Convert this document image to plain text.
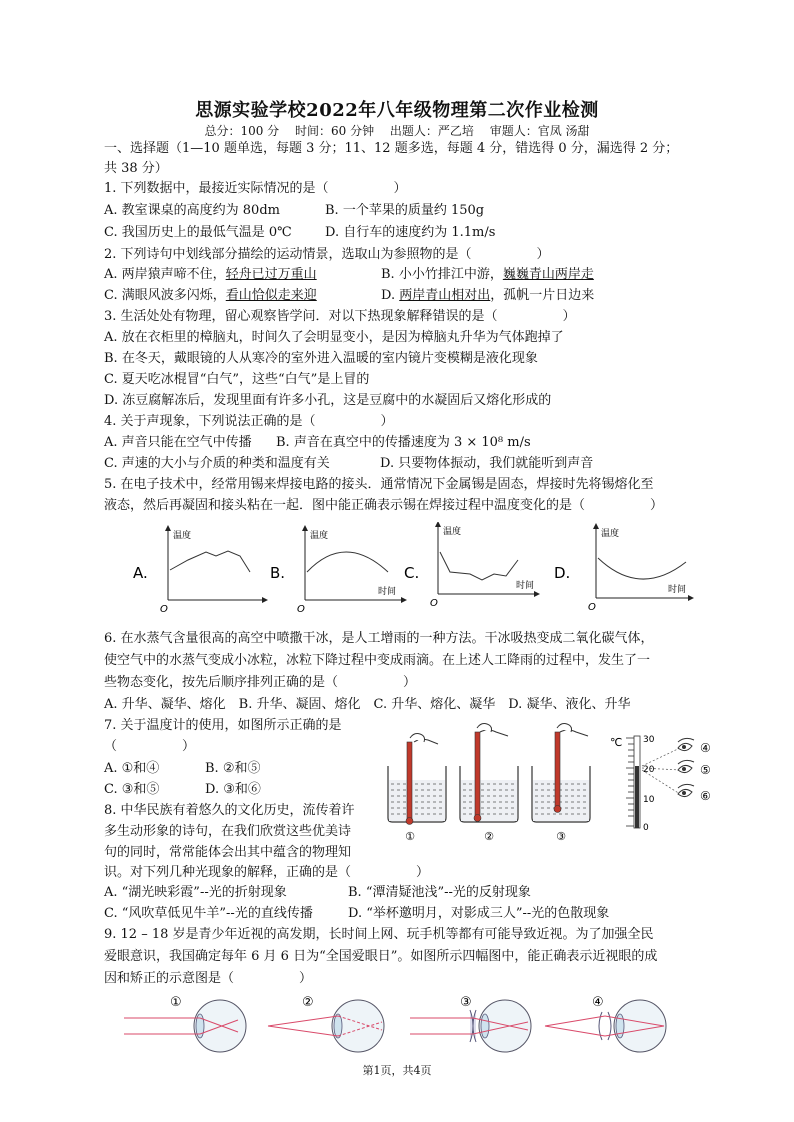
思源实验学校2022年八年级物理第二次作业检测
总分：100 分　 时间：60 分钟　 出题人：严乙培　 审题人：官凤 汤甜
一、选择题（1—10 题单选，每题 3 分；11、12 题多选，每题 4 分，错选得 0 分，漏选得 2 分；
共 38 分）
1. 下列数据中，最接近实际情况的是（　　　　　）
A. 教室课桌的高度约为 80dm	B. 一个苹果的质量约 150g
C. 我国历史上的最低气温是 0℃	D. 自行车的速度约为 1.1m/s
2. 下列诗句中划线部分描绘的运动情景，选取山为参照物的是（　　　　　）
A. 两岸猿声啼不住，轻舟已过万重山	B. 小小竹排江中游，巍巍青山两岸走
C. 满眼风波多闪烁，看山恰似走来迎	D. 两岸青山相对出，孤帆一片日边来
3. 生活处处有物理，留心观察皆学问．对以下热现象解释错误的是（　　　　　）
A. 放在衣柜里的樟脑丸，时间久了会明显变小，是因为樟脑丸升华为气体跑掉了
B. 在冬天，戴眼镜的人从寒冷的室外进入温暖的室内镜片变模糊是液化现象
C. 夏天吃冰棍冒“白气”，这些“白气”是上冒的
D. 冻豆腐解冻后，发现里面有许多小孔，这是豆腐中的水凝固后又熔化形成的
4. 关于声现象，下列说法正确的是（　　　　　）
A. 声音只能在空气中传播 B. 声音在真空中的传播速度为 3 × 10⁸ m/s
C. 声速的大小与介质的种类和温度有关	D. 只要物体振动，我们就能听到声音
5. 在电子技术中，经常用锡来焊接电路的接头．通常情况下金属锡是固态，焊接时先将锡熔化至
液态，然后再凝固和接头粘在一起．图中能正确表示锡在焊接过程中温度变化的是（　　　　　）
A.
温度
O
B.
温度
时间
O
C.
温度
时间
O
D.
温度
时间
O
6. 在水蒸气含量很高的高空中喷撒干冰，是人工增雨的一种方法。干冰吸热变成二氧化碳气体，
使空气中的水蒸气变成小冰粒，冰粒下降过程中变成雨滴。在上述人工降雨的过程中，发生了一
些物态变化，按先后顺序排列正确的是（　　　　　）
A. 升华、凝华、熔化　B. 升华、凝固、熔化　C. 升华、熔化、凝华　D. 凝华、液化、升华
7. 关于温度计的使用，如图所示正确的是
（　　　　　）
A. ①和④	B. ②和⑤
C. ③和⑤	D. ③和⑥
①	②	③
℃ 30
20
10
0
④
⑤
⑥
8. 中华民族有着悠久的文化历史，流传着许
多生动形象的诗句，在我们欣赏这些优美诗
句的同时，常常能体会出其中蕴含的物理知
识。对下列几种光现象的解释，正确的是（　　　　　）
A. “湖光映彩霞”--光的折射现象	B. “潭清疑池浅”--光的反射现象
C. “风吹草低见牛羊”--光的直线传播	D. “举杯邀明月，对影成三人”--光的色散现象
9. 12 – 18 岁是青少年近视的高发期，长时间上网、玩手机等都有可能导致近视。为了加强全民
爱眼意识，我国确定每年 6 月 6 日为“全国爱眼日”。如图所示四幅图中，能正确表示近视眼的成
因和矫正的示意图是（　　　　　）
①	②	③	④
第1页，共4页
